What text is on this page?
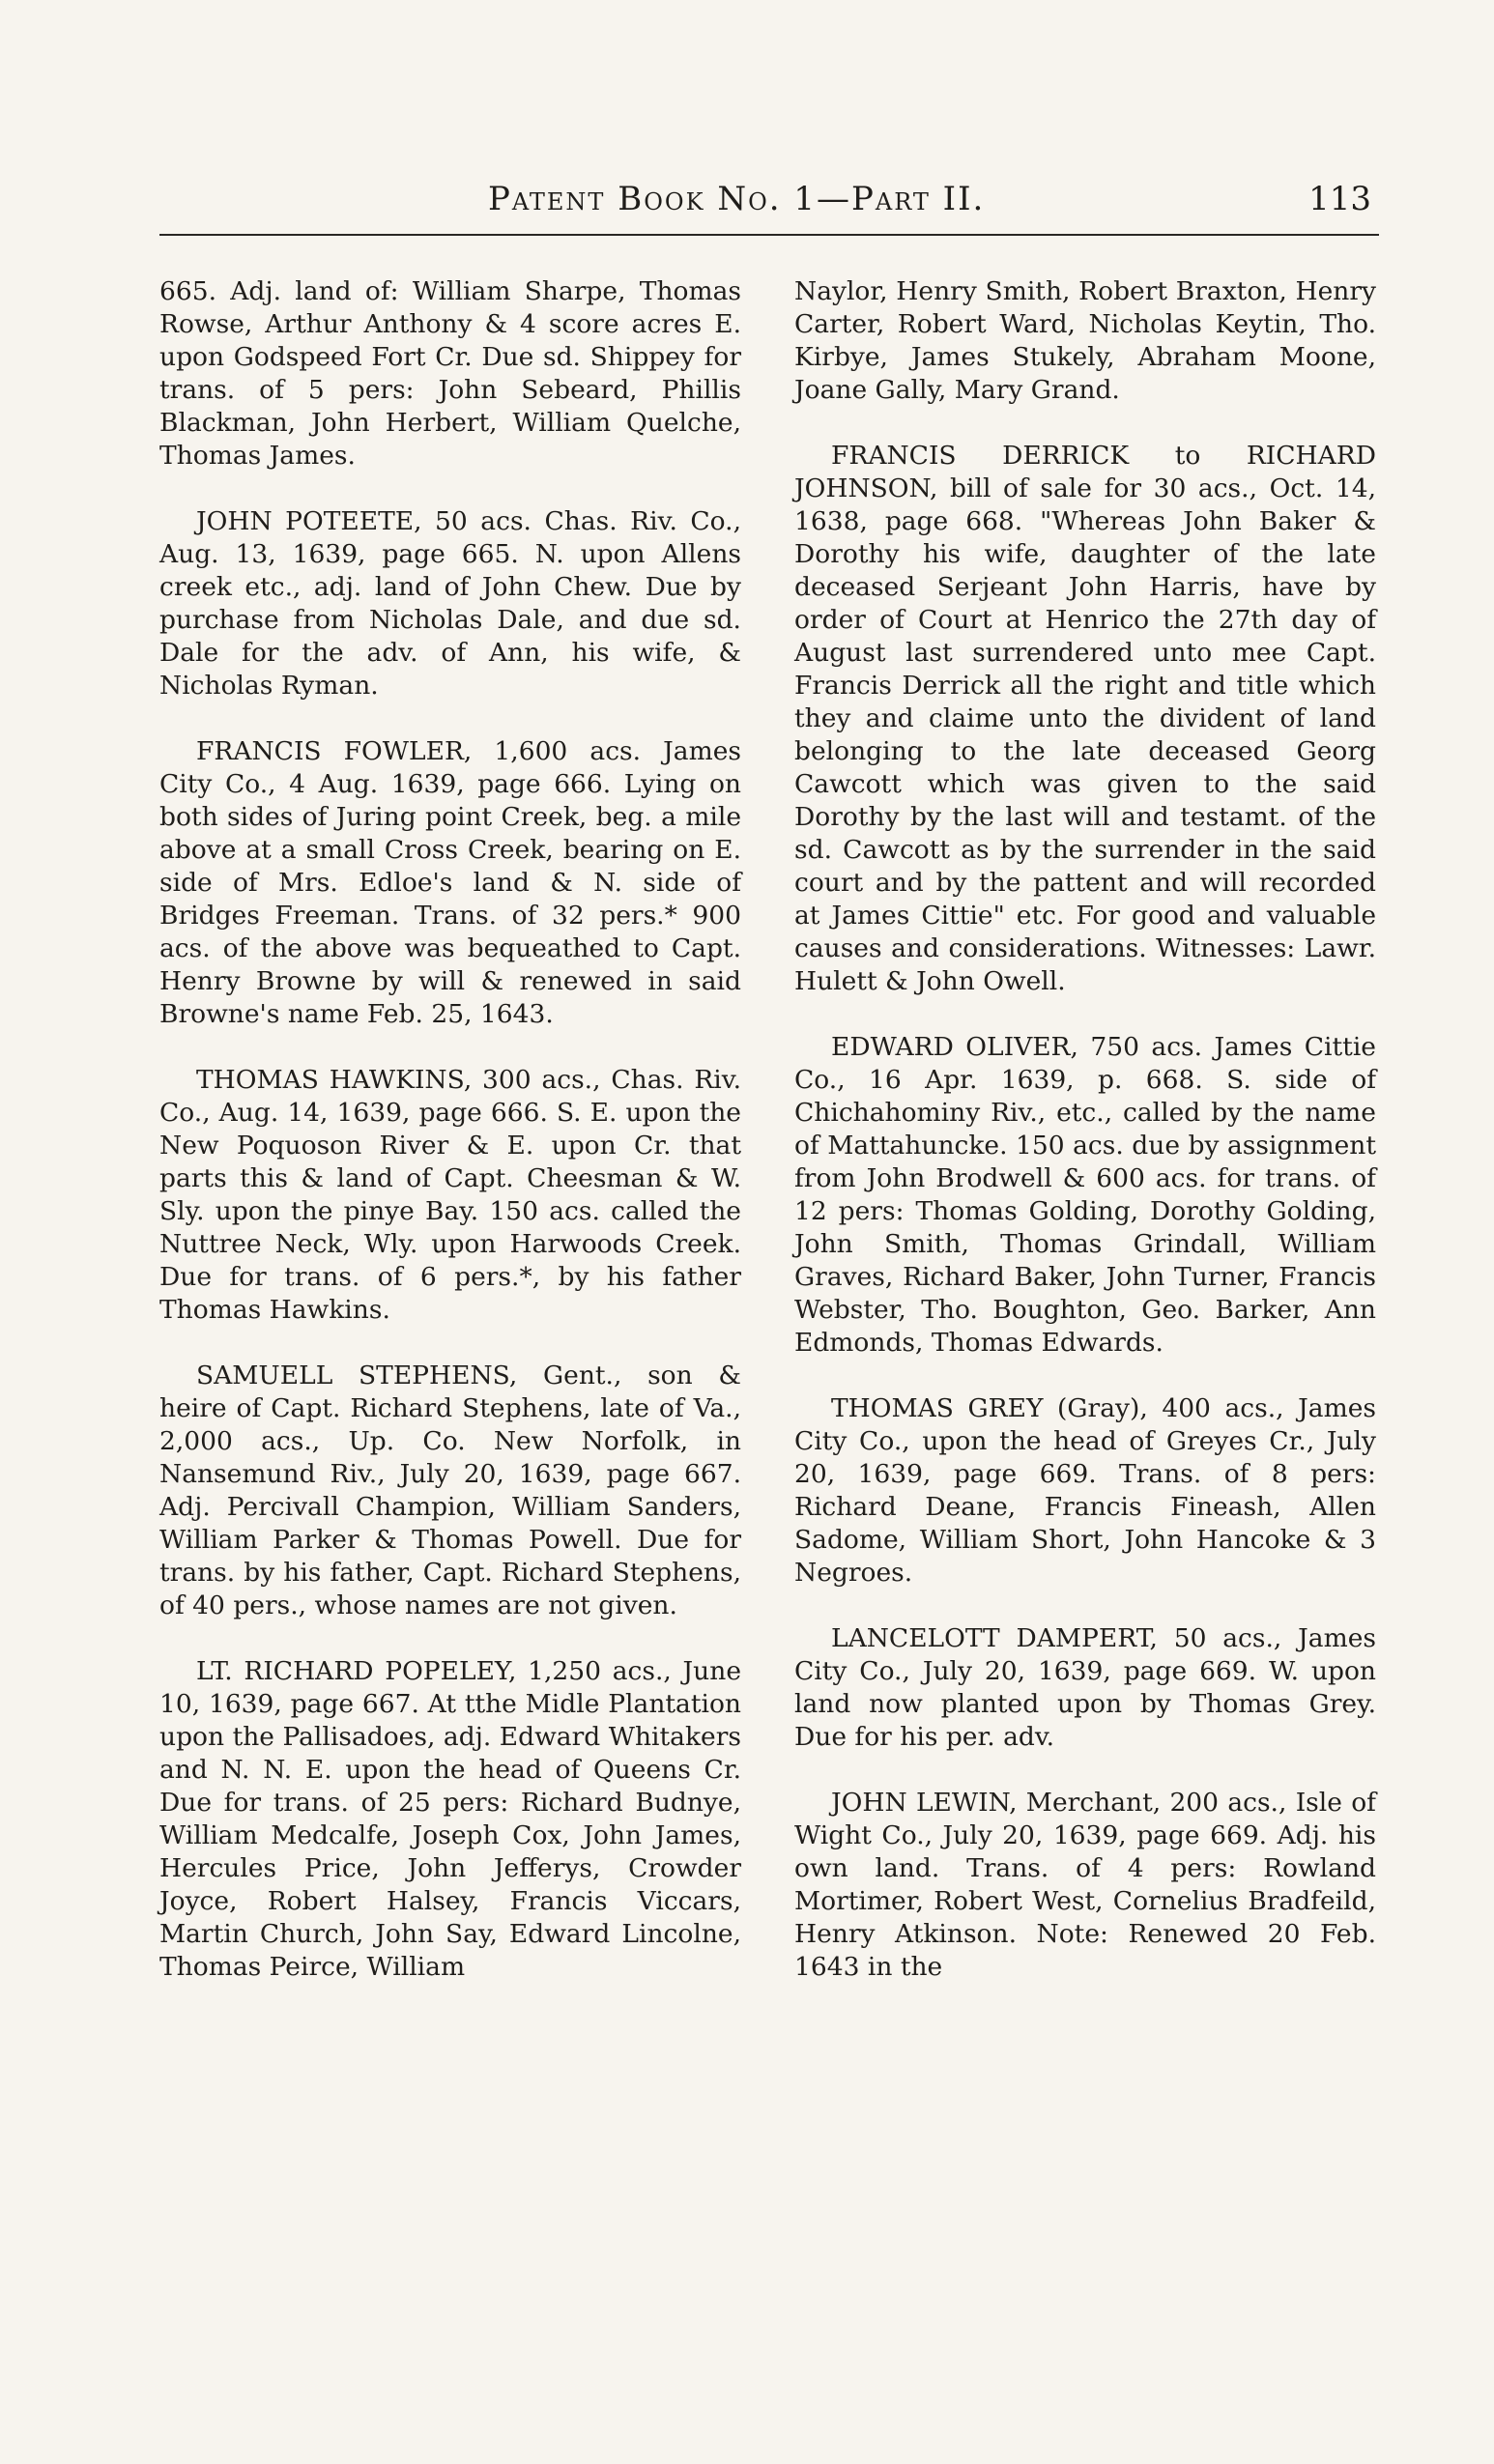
Patent Book No. 1—Part II.	113

665. Adj. land of: William Sharpe, Thomas Rowse, Arthur Anthony & 4 score acres E. upon Godspeed Fort Cr. Due sd. Shippey for trans. of 5 pers: John Sebeard, Phillis Blackman, John Herbert, William Quelche, Thomas James.

JOHN POTEETE, 50 acs. Chas. Riv. Co., Aug. 13, 1639, page 665. N. upon Allens creek etc., adj. land of John Chew. Due by purchase from Nicholas Dale, and due sd. Dale for the adv. of Ann, his wife, & Nicholas Ryman.

FRANCIS FOWLER, 1,600 acs. James City Co., 4 Aug. 1639, page 666. Lying on both sides of Juring point Creek, beg. a mile above at a small Cross Creek, bearing on E. side of Mrs. Edloe's land & N. side of Bridges Freeman. Trans. of 32 pers.* 900 acs. of the above was bequeathed to Capt. Henry Browne by will & renewed in said Browne's name Feb. 25, 1643.

THOMAS HAWKINS, 300 acs., Chas. Riv. Co., Aug. 14, 1639, page 666. S. E. upon the New Poquoson River & E. upon Cr. that parts this & land of Capt. Cheesman & W. Sly. upon the pinye Bay. 150 acs. called the Nuttree Neck, Wly. upon Harwoods Creek. Due for trans. of 6 pers.*, by his father Thomas Hawkins.

SAMUELL STEPHENS, Gent., son & heire of Capt. Richard Stephens, late of Va., 2,000 acs., Up. Co. New Norfolk, in Nansemund Riv., July 20, 1639, page 667. Adj. Percivall Champion, William Sanders, William Parker & Thomas Powell. Due for trans. by his father, Capt. Richard Stephens, of 40 pers., whose names are not given.

LT. RICHARD POPELEY, 1,250 acs., June 10, 1639, page 667. At tthe Midle Plantation upon the Pallisadoes, adj. Edward Whitakers and N. N. E. upon the head of Queens Cr. Due for trans. of 25 pers: Richard Budnye, William Medcalfe, Joseph Cox, John James, Hercules Price, John Jefferys, Crowder Joyce, Robert Halsey, Francis Viccars, Martin Church, John Say, Edward Lincolne, Thomas Peirce, William

Naylor, Henry Smith, Robert Braxton, Henry Carter, Robert Ward, Nicholas Keytin, Tho. Kirbye, James Stukely, Abraham Moone, Joane Gally, Mary Grand.

FRANCIS DERRICK to RICHARD JOHNSON, bill of sale for 30 acs., Oct. 14, 1638, page 668. "Whereas John Baker & Dorothy his wife, daughter of the late deceased Serjeant John Harris, have by order of Court at Henrico the 27th day of August last surrendered unto mee Capt. Francis Derrick all the right and title which they and claime unto the divident of land belonging to the late deceased Georg Cawcott which was given to the said Dorothy by the last will and testamt. of the sd. Cawcott as by the surrender in the said court and by the pattent and will recorded at James Cittie" etc. For good and valuable causes and considerations. Witnesses: Lawr. Hulett & John Owell.

EDWARD OLIVER, 750 acs. James Cittie Co., 16 Apr. 1639, p. 668. S. side of Chichahominy Riv., etc., called by the name of Mattahuncke. 150 acs. due by assignment from John Brodwell & 600 acs. for trans. of 12 pers: Thomas Golding, Dorothy Golding, John Smith, Thomas Grindall, William Graves, Richard Baker, John Turner, Francis Webster, Tho. Boughton, Geo. Barker, Ann Edmonds, Thomas Edwards.

THOMAS GREY (Gray), 400 acs., James City Co., upon the head of Greyes Cr., July 20, 1639, page 669. Trans. of 8 pers: Richard Deane, Francis Fineash, Allen Sadome, William Short, John Hancoke & 3 Negroes.

LANCELOTT DAMPERT, 50 acs., James City Co., July 20, 1639, page 669. W. upon land now planted upon by Thomas Grey. Due for his per. adv.

JOHN LEWIN, Merchant, 200 acs., Isle of Wight Co., July 20, 1639, page 669. Adj. his own land. Trans. of 4 pers: Rowland Mortimer, Robert West, Cornelius Bradfeild, Henry Atkinson. Note: Renewed 20 Feb. 1643 in the
